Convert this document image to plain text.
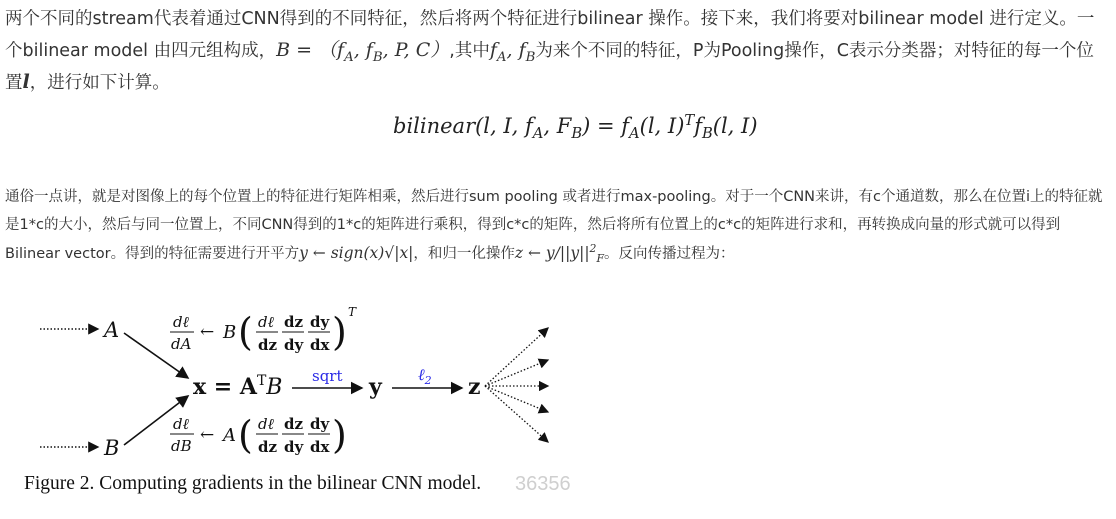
两个不同的stream代表着通过CNN得到的不同特征，然后将两个特征进行bilinear 操作。接下来，我们将要对bilinear model 进行定义。一个bilinear model 由四元组构成，$B = (f_A$, $f_B$, P, C）,其中$f_A$, $f_B$为来个不同的特征，P为Pooling操作，C表示分类器；对特征的每一个位置l，进行如下计算。
bilinear(l, I, $f_A$, $F_B) = f_A(l$, $I)^Tf_B(l$, I)
通俗一点讲，就是对图像上的每个位置上的特征进行矩阵相乘，然后进行sum pooling 或者进行max-pooling。对于一个CNN来讲，有c个通道数，那么在位置i上的特征就是1*c的大小，然后与同一位置上，不同CNN得到的1*c的矩阵进行乘积，得到c*c的矩阵，然后将所有位置上的c*c的矩阵进行求和，再转换成向量的形式就可以得到Bilinear vector。得到的特征需要进行开平方y ← sign(x)√|x|，和归一化操作z ← $y/||y||^2_F$。反向传播过程为：
A
B
$x = A^TB$ sqrt y ℓ$_2$ z
dℓ
dA
← B ( dℓ
dz
dz
dy
dy
dx ) T
dℓ
dB
← A ( dℓ
dz
dz
dy
dy
dx )
Figure 2. Computing gradients in the bilinear CNN model. 36356
